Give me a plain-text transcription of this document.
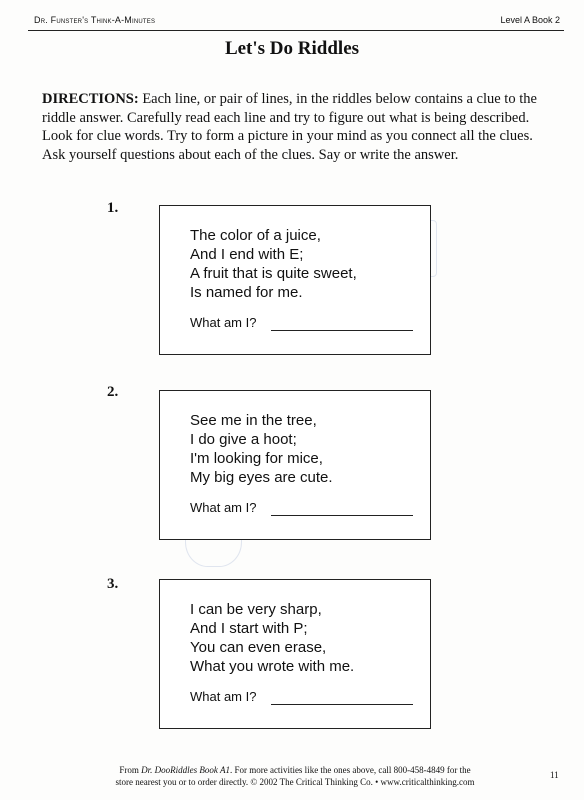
Dr. Funster's Think-A-Minutes	Level A Book 2
Let's Do Riddles
DIRECTIONS: Each line, or pair of lines, in the riddles below contains a clue to the riddle answer. Carefully read each line and try to figure out what is being described. Look for clue words. Try to form a picture in your mind as you connect all the clues. Ask yourself questions about each of the clues. Say or write the answer.
1.
The color of a juice,
And I end with E;
A fruit that is quite sweet,
Is named for me.
What am I?
2.
See me in the tree,
I do give a hoot;
I'm looking for mice,
My big eyes are cute.
What am I?
3.
I can be very sharp,
And I start with P;
You can even erase,
What you wrote with me.
What am I?
From Dr. DooRiddles Book A1. For more activities like the ones above, call 800-458-4849 for the
store nearest you or to order directly. © 2002 The Critical Thinking Co. • www.criticalthinking.com
11
